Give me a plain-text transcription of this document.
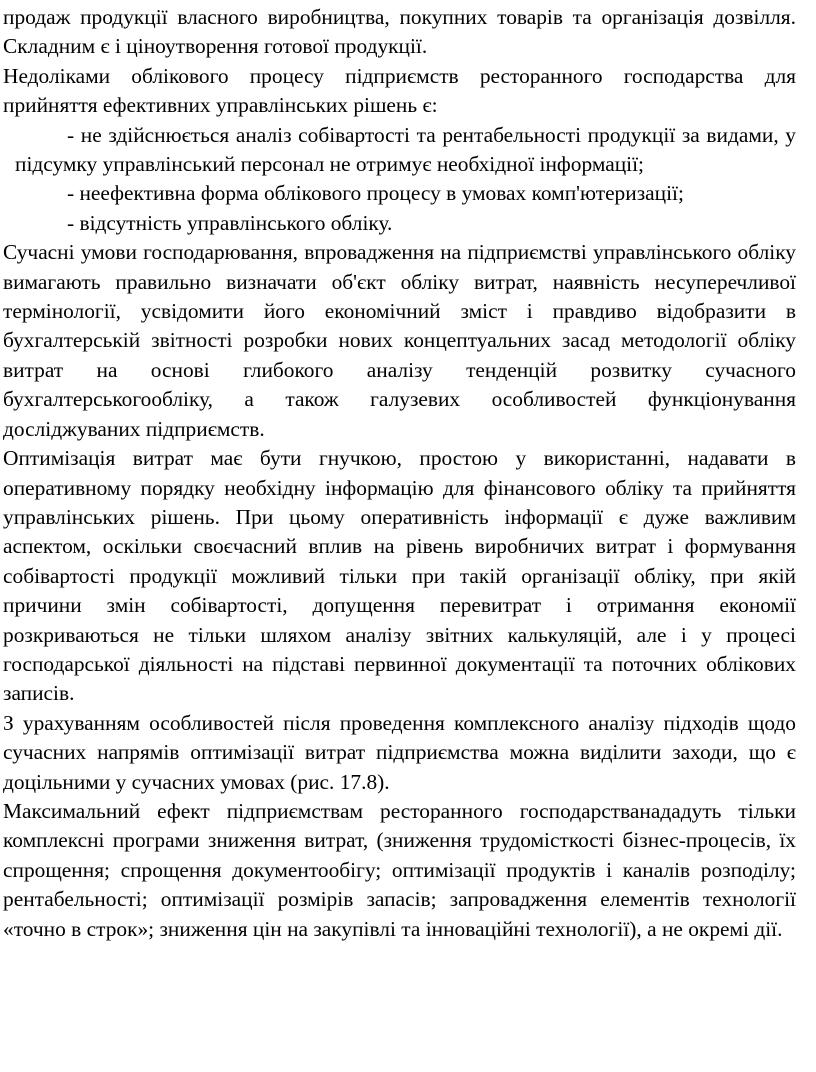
продаж продукції власного виробництва, покупних товарів та організація дозвілля. Складним є і ціноутворення готової продукції.

Недоліками облікового процесу підприємств ресторанного господарства для прийняття ефективних управлінських рішень є:

- не здійснюється аналіз собівартості та рентабельності продукції за видами, у підсумку управлінський персонал не отримує необхідної інформації;

- неефективна форма облікового процесу в умовах комп'ютеризації;

- відсутність управлінського обліку.

Сучасні умови господарювання, впровадження на підприємстві управлінського обліку вимагають правильно визначати об'єкт обліку витрат, наявність несуперечливої термінології, усвідомити його економічний зміст і правдиво відобразити в бухгалтерській звітності розробки нових концептуальних засад методології обліку витрат на основі глибокого аналізу тенденцій розвитку сучасного бухгалтерськогообліку, а також галузевих особливостей функціонування досліджуваних підприємств.

Оптимізація витрат має бути гнучкою, простою у використанні, надавати в оперативному порядку необхідну інформацію для фінансового обліку та прийняття управлінських рішень. При цьому оперативність інформації є дуже важливим аспектом, оскільки своєчасний вплив на рівень виробничих витрат і формування собівартості продукції можливий тільки при такій організації обліку, при якій причини змін собівартості, допущення перевитрат і отримання економії розкриваються не тільки шляхом аналізу звітних калькуляцій, але і у процесі господарської діяльності на підставі первинної документації та поточних облікових записів.

З урахуванням особливостей після проведення комплексного аналізу підходів щодо сучасних напрямів оптимізації витрат підприємства можна виділити заходи, що є доцільними у сучасних умовах (рис. 17.8).

Максимальний ефект підприємствам ресторанного господарстванададуть тільки комплексні програми зниження витрат, (зниження трудомісткості бізнес-процесів, їх спрощення; спрощення документообігу; оптимізації продуктів і каналів розподілу; рентабельності; оптимізації розмірів запасів; запровадження елементів технології «точно в строк»; зниження цін на закупівлі та інноваційні технології), а не окремі дії.
